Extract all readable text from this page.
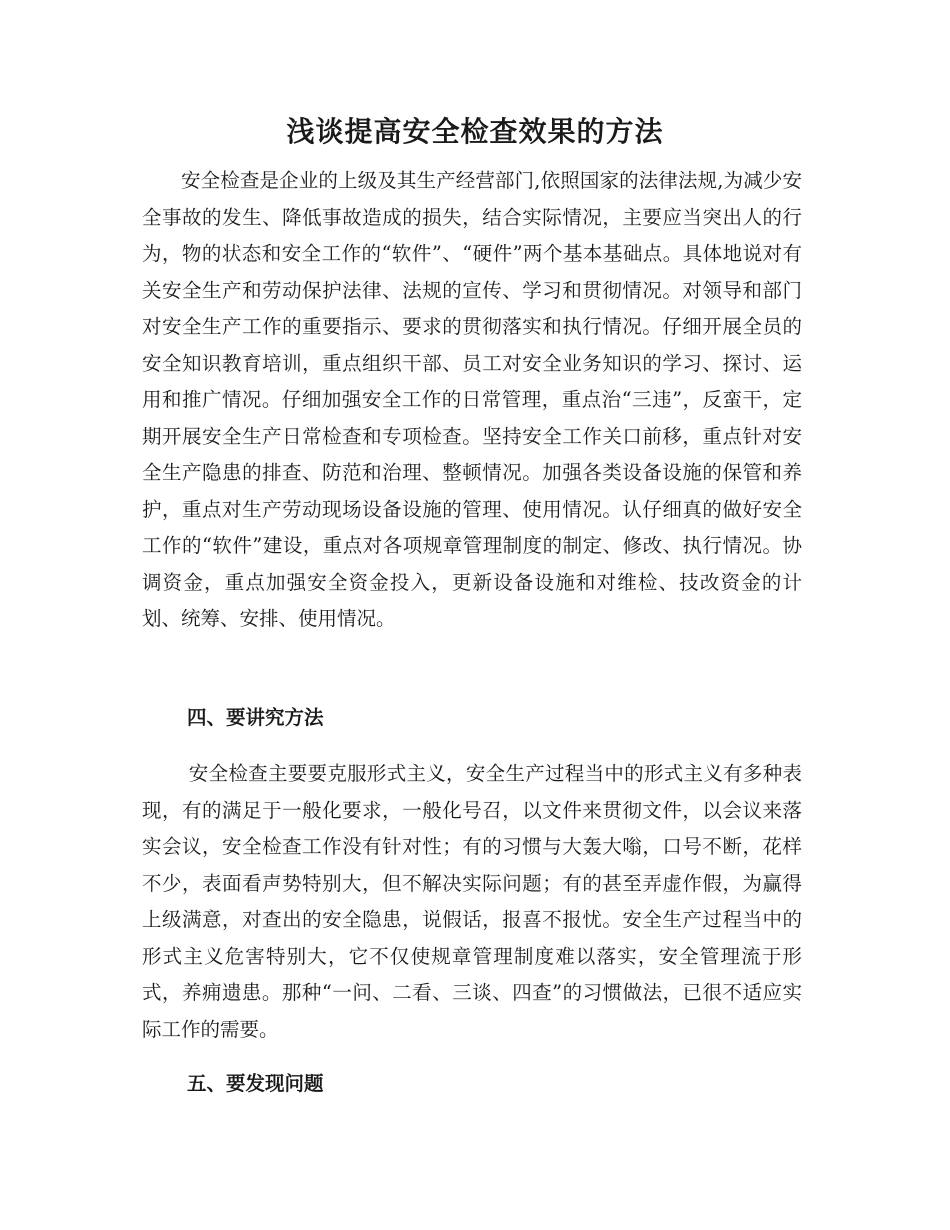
浅谈提高安全检查效果的方法

安全检查是企业的上级及其生产经营部门,依照国家的法律法规,为减少安全事故的发生、降低事故造成的损失，结合实际情况，主要应当突出人的行为，物的状态和安全工作的“软件”、“硬件”两个基本基础点。具体地说对有关安全生产和劳动保护法律、法规的宣传、学习和贯彻情况。对领导和部门对安全生产工作的重要指示、要求的贯彻落实和执行情况。仔细开展全员的安全知识教育培训，重点组织干部、员工对安全业务知识的学习、探讨、运用和推广情况。仔细加强安全工作的日常管理，重点治“三违”，反蛮干，定期开展安全生产日常检查和专项检查。坚持安全工作关口前移，重点针对安全生产隐患的排查、防范和治理、整顿情况。加强各类设备设施的保管和养护，重点对生产劳动现场设备设施的管理、使用情况。认仔细真的做好安全工作的“软件”建设，重点对各项规章管理制度的制定、修改、执行情况。协调资金，重点加强安全资金投入，更新设备设施和对维检、技改资金的计划、统筹、安排、使用情况。

四、要讲究方法

安全检查主要要克服形式主义，安全生产过程当中的形式主义有多种表现，有的满足于一般化要求，一般化号召，以文件来贯彻文件，以会议来落实会议，安全检查工作没有针对性；有的习惯与大轰大嗡，口号不断，花样不少，表面看声势特别大，但不解决实际问题；有的甚至弄虚作假，为赢得上级满意，对查出的安全隐患，说假话，报喜不报忧。安全生产过程当中的形式主义危害特别大，它不仅使规章管理制度难以落实，安全管理流于形式，养痈遗患。那种“一问、二看、三谈、四查”的习惯做法，已很不适应实际工作的需要。

五、要发现问题
